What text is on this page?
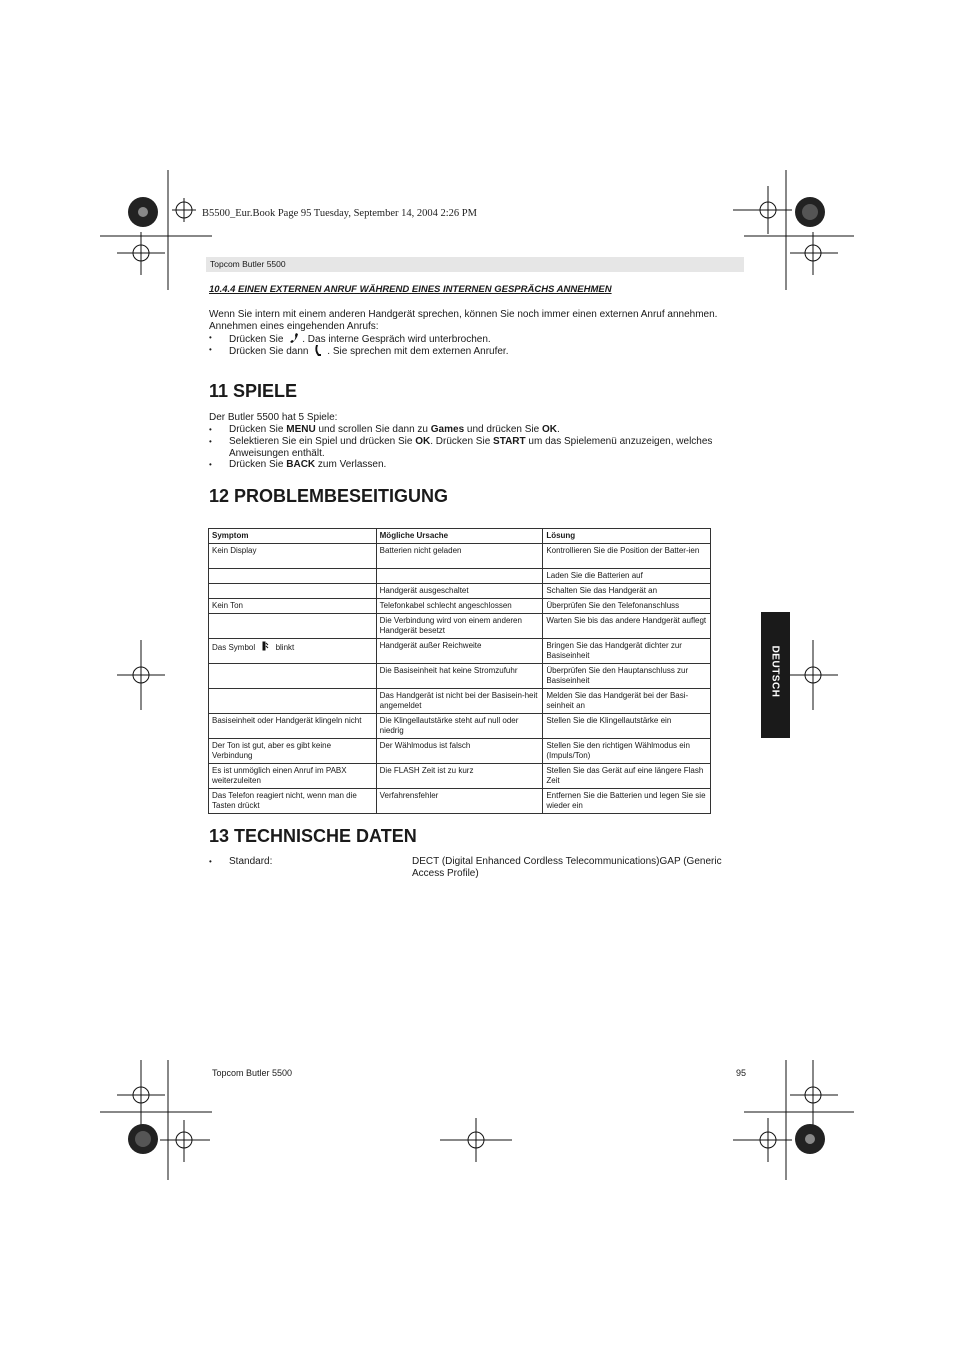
B5500_Eur.Book Page 95 Tuesday, September 14, 2004 2:26 PM
Topcom Butler 5500
10.4.4 EINEN EXTERNEN ANRUF WÄHREND EINES INTERNEN GESPRÄCHS ANNEHMEN
Wenn Sie intern mit einem anderen Handgerät sprechen, können Sie noch immer einen externen Anruf annehmen.
Annehmen eines eingehenden Anrufs:
• Drücken Sie . Das interne Gespräch wird unterbrochen.
• Drücken Sie dann . Sie sprechen mit dem externen Anrufer.
11 SPIELE
Der Butler 5500 hat 5 Spiele:
• Drücken Sie MENU und scrollen Sie dann zu Games und drücken Sie OK.
• Selektieren Sie ein Spiel und drücken Sie OK. Drücken Sie START um das Spielemenü anzuzeigen, welches
Anweisungen enthält.
• Drücken Sie BACK zum Verlassen.
12 PROBLEMBESEITIGUNG
Symptom	Mögliche Ursache	Lösung
Kein Display	Batterien nicht geladen	Kontrollieren Sie die Position der Batter-ien
		Laden Sie die Batterien auf
	Handgerät ausgeschaltet	Schalten Sie das Handgerät an
Kein Ton	Telefonkabel schlecht angeschlossen	Überprüfen Sie den Telefonanschluss
	Die Verbindung wird von einem anderen Handgerät besetzt	Warten Sie bis das andere Handgerät auflegt
Das Symbol  blinkt	Handgerät außer Reichweite	Bringen Sie das Handgerät dichter zur Basiseinheit
	Die Basiseinheit hat keine Stromzufuhr	Überprüfen Sie den Hauptanschluss zur Basiseinheit
	Das Handgerät ist nicht bei der Basisein-heit angemeldet	Melden Sie das Handgerät bei der Basi-seinheit an
Basiseinheit oder Handgerät klingeln nicht	Die Klingellautstärke steht auf null oder niedrig	Stellen Sie die Klingellautstärke ein
Der Ton ist gut, aber es gibt keine Verbindung	Der Wählmodus ist falsch	Stellen Sie den richtigen Wählmodus ein (Impuls/Ton)
Es ist unmöglich einen Anruf im PABX weiterzuleiten	Die FLASH Zeit ist zu kurz	Stellen Sie das Gerät auf eine längere Flash Zeit
Das Telefon reagiert nicht, wenn man die Tasten drückt	Verfahrensfehler	Entfernen Sie die Batterien und legen Sie sie wieder ein
DEUTSCH
13 TECHNISCHE DATEN
• Standard:	DECT (Digital Enhanced Cordless Telecommunications)GAP (Generic
Access Profile)
Topcom Butler 5500	95
